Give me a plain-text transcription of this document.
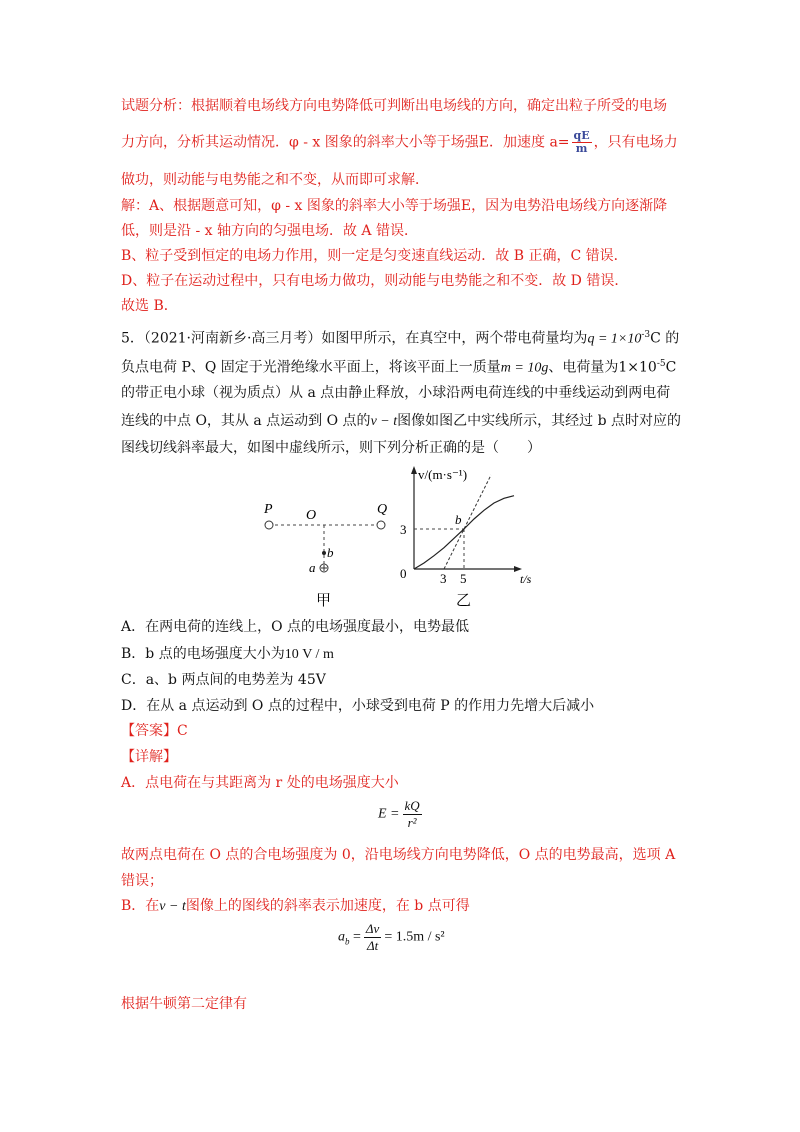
试题分析：根据顺着电场线方向电势降低可判断出电场线的方向，确定出粒子所受的电场
力方向，分析其运动情况．φ - x 图象的斜率大小等于场强E．加速度 $a= \frac{qE}{m}$ ，只有电场力
做功，则动能与电势能之和不变，从而即可求解．
解：A、根据题意可知，φ - x 图象的斜率大小等于场强E，因为电势沿电场线方向逐渐降
低，则是沿 - x 轴方向的匀强电场．故 A 错误．
B、粒子受到恒定的电场力作用，则一定是匀变速直线运动．故 B 正确，C 错误．
D、粒子在运动过程中，只有电场力做功，则动能与电势能之和不变．故 D 错误．
故选 B．
5．（2021·河南新乡·高三月考）如图甲所示，在真空中，两个带电荷量均为$q = 1\times 10^{-3}C$ 的
负点电荷 P、Q 固定于光滑绝缘水平面上，将该平面上一质量m = 10g、电荷量为$1\times 10^{-5}C$
的带正电小球（视为质点）从 a 点由静止释放，小球沿两电荷连线的中垂线运动到两电荷
连线的中点 O，其从 a 点运动到 O 点的v − t图像如图乙中实线所示，其经过 b 点时对应的
图线切线斜率最大，如图中虚线所示，则下列分析正确的是（　　）
P O	Q
b
a
甲
v/(m·s⁻¹)
t/s
0
3
3 5
b
乙
A．在两电荷的连线上，O 点的电场强度最小，电势最低
B．b 点的电场强度大小为10 V / m
C．a、b 两点间的电势差为 45V
D．在从 a 点运动到 O 点的过程中，小球受到电荷 P 的作用力先增大后减小
【答案】C
【详解】
A．点电荷在与其距离为 r 处的电场强度大小
$E = \frac{kQ}{\text{r²}}$
故两点电荷在 O 点的合电场强度为 0，沿电场线方向电势降低，O 点的电势最高，选项 A
错误；
B．在v − t图像上的图线的斜率表示加速度，在 b 点可得
$a_b = \frac{\Delta v}{\Delta t} = 1.5m / s^2$
根据牛顿第二定律有
